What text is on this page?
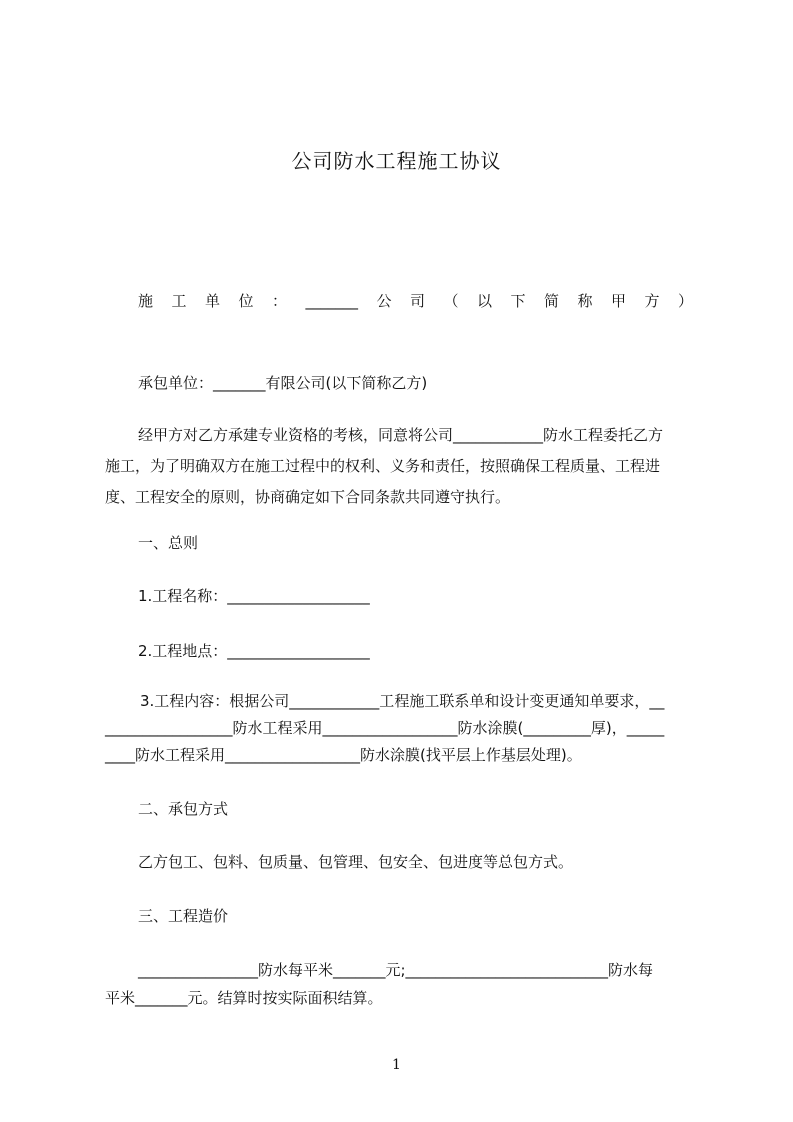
公司防水工程施工协议
施工单位：_______公司（以下简称甲方）
承包单位：_______有限公司(以下简称乙方)
经甲方对乙方承建专业资格的考核，同意将公司____________防水工程委托乙方
施工，为了明确双方在施工过程中的权利、义务和责任，按照确保工程质量、工程进
度、工程安全的原则，协商确定如下合同条款共同遵守执行。
一、总则
1.工程名称：___________________
2.工程地点：___________________
3.工程内容：根据公司____________工程施工联系单和设计变更通知单要求，__
_________________防水工程采用__________________防水涂膜(_________厚)，_____
____防水工程采用__________________防水涂膜(找平层上作基层处理)。
二、承包方式
乙方包工、包料、包质量、包管理、包安全、包进度等总包方式。
三、工程造价
________________防水每平米_______元;___________________________防水每
平米_______元。结算时按实际面积结算。
1
